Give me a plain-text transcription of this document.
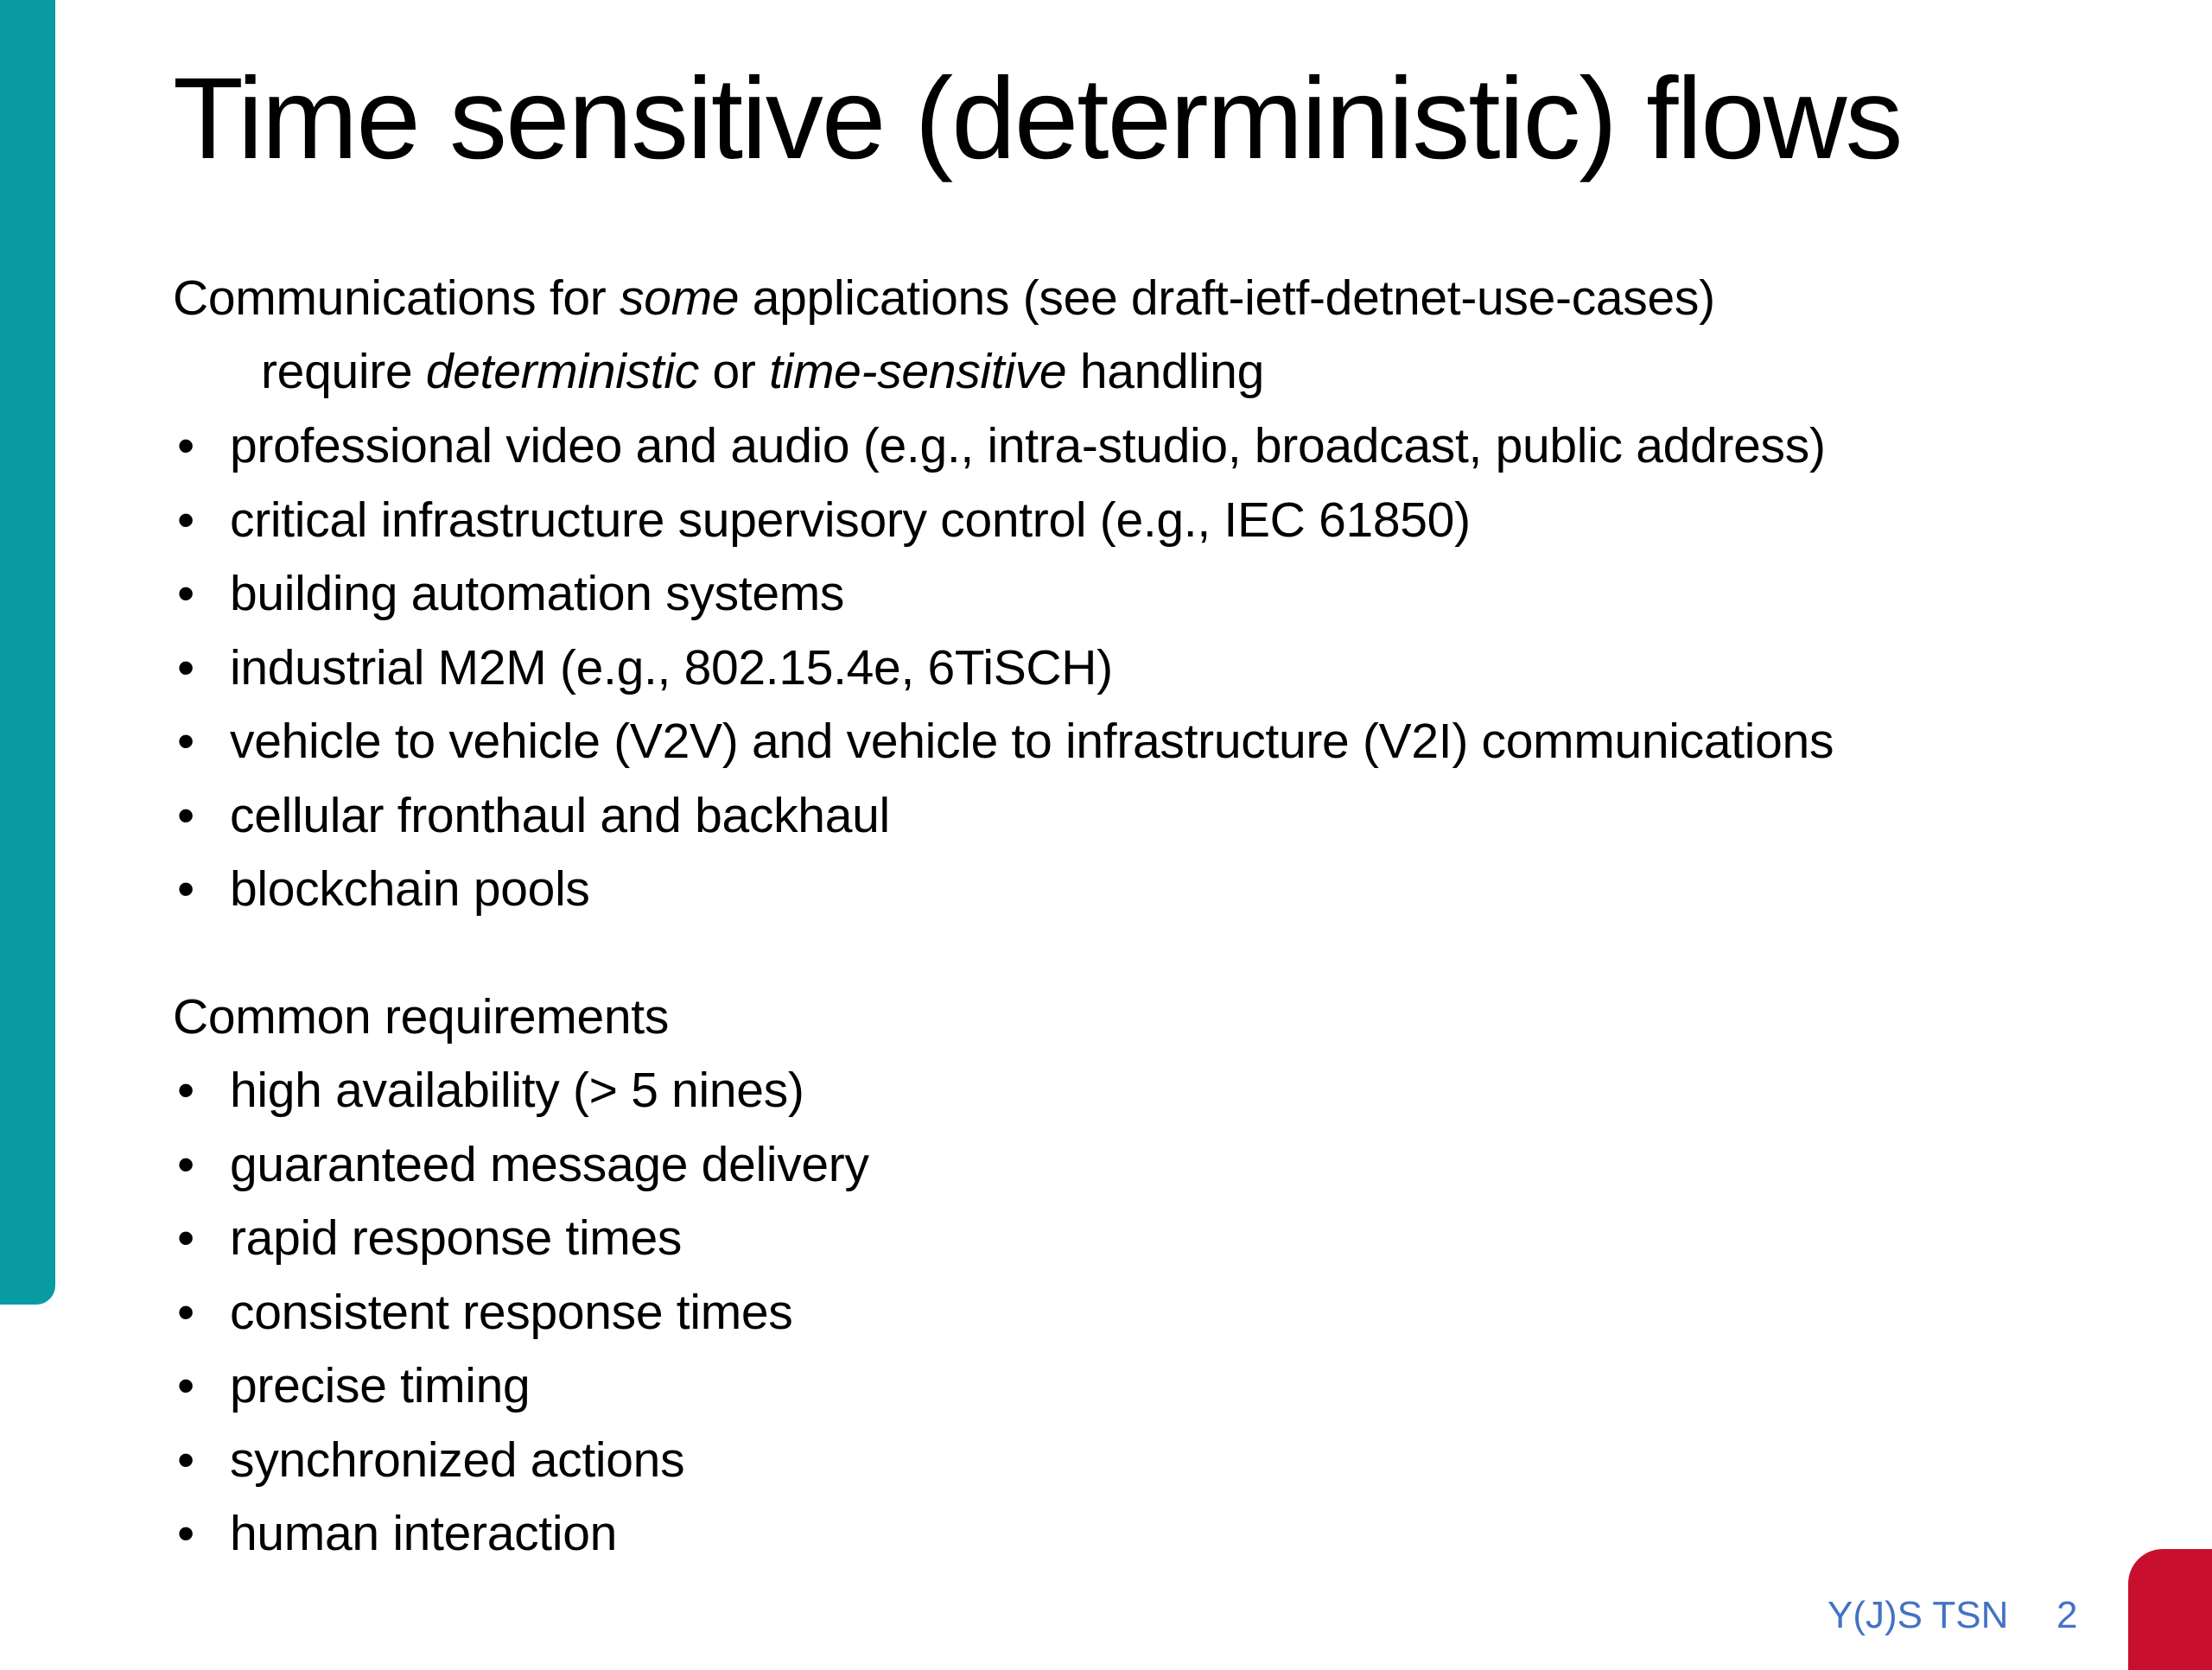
Time sensitive (deterministic) flows
Communications for some applications (see draft-ietf-detnet-use-cases)
require deterministic or time-sensitive handling
• professional video and audio (e.g., intra-studio, broadcast, public address)
• critical infrastructure supervisory control (e.g., IEC 61850)
• building automation systems
• industrial M2M (e.g., 802.15.4e, 6TiSCH)
• vehicle to vehicle (V2V) and vehicle to infrastructure (V2I) communications
• cellular fronthaul and backhaul
• blockchain pools
Common requirements
• high availability (> 5 nines)
• guaranteed message delivery
• rapid response times
• consistent response times
• precise timing
• synchronized actions
• human interaction
Y(J)S TSN 2
